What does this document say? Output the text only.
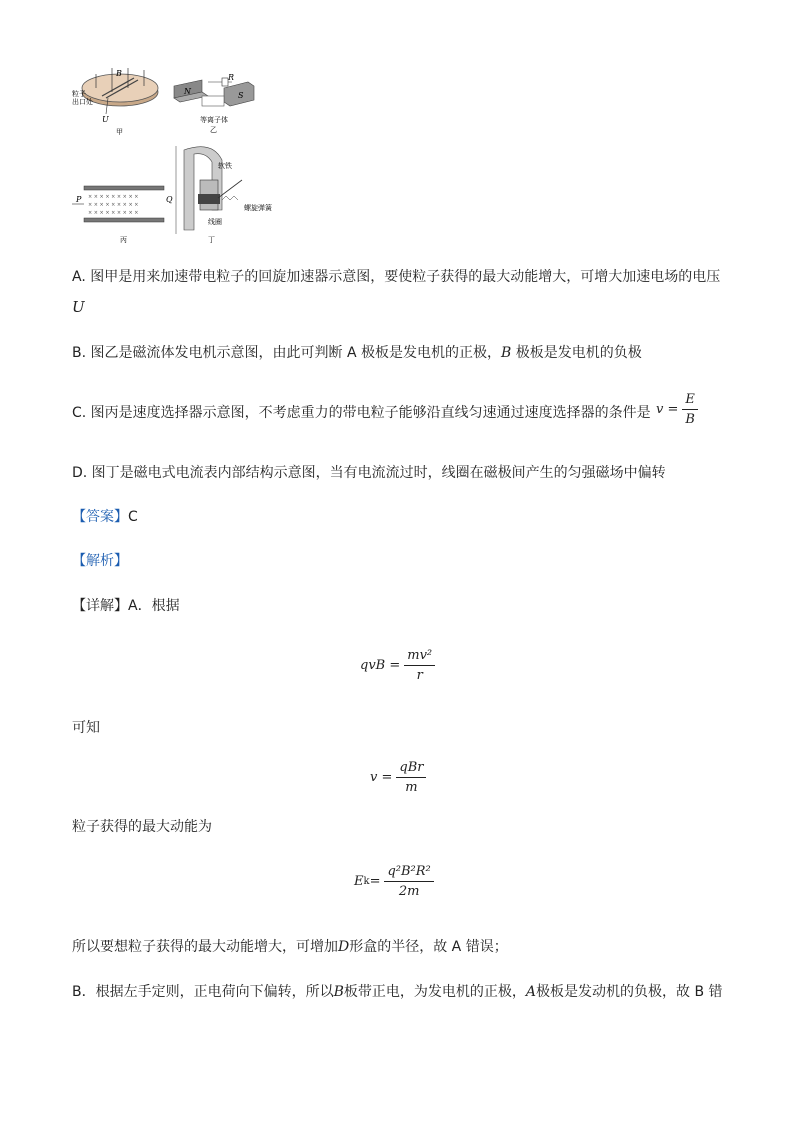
B
U
粒子
出口处
甲
N	S
R
等离子体
乙
× × × × × × × × ×
× × × × × × × × ×
× × × × × × × × ×
P	Q
丙
软铁
螺旋弹簧
线圈
丁
A. 图甲是用来加速带电粒子的回旋加速器示意图，要使粒子获得的最大动能增大，可增大加速电场的电压
U
B. 图乙是磁流体发电机示意图，由此可判断 A 极板是发电机的正极，B 极板是发电机的负极
C. 图丙是速度选择器示意图，不考虑重力的带电粒子能够沿直线匀速通过速度选择器的条件是 $v = \frac{E}{B}$
D. 图丁是磁电式电流表内部结构示意图，当有电流流过时，线圈在磁极间产生的匀强磁场中偏转
【答案】C
【解析】
【详解】A．根据
qvB = $\frac{\text{mv²}}{r}$
可知
$v = \frac{\text{qBr}}{m}$
粒子获得的最大动能为
E $k = \frac{\text{q²B²R²}}{2m}$
所以要想粒子获得的最大动能增大，可增加D形盒的半径，故 A 错误；
B．根据左手定则，正电荷向下偏转，所以B板带正电，为发电机的正极，A极板是发动机的负极，故 B 错
